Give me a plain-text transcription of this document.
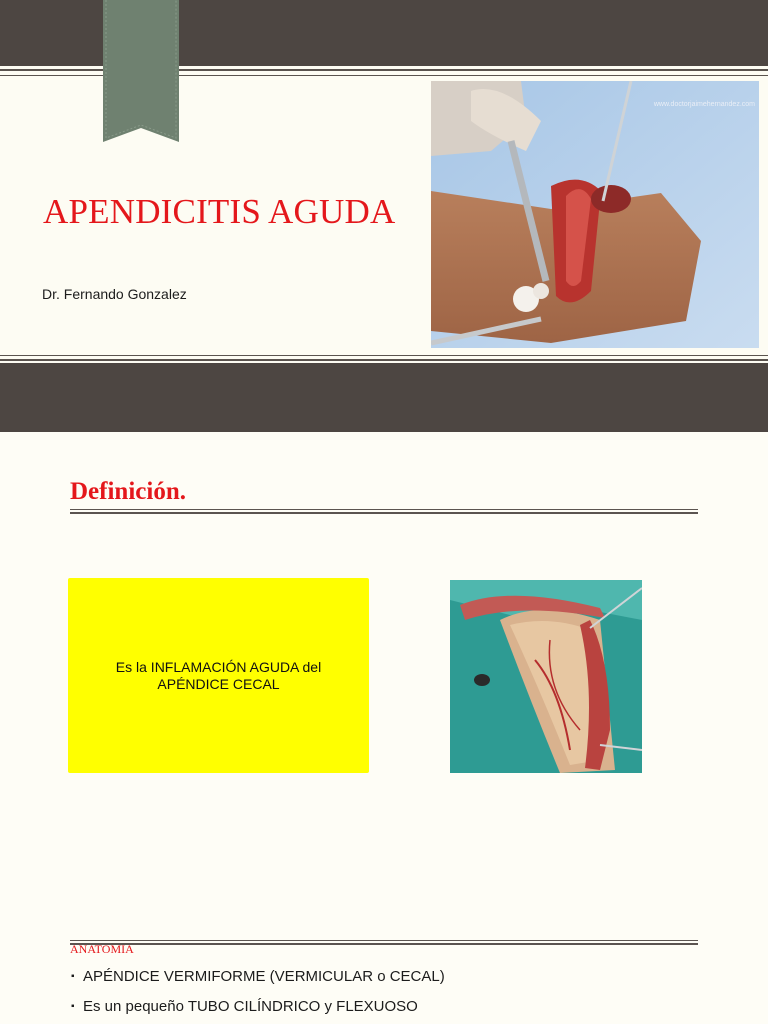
APENDICITIS AGUDA
Dr. Fernando Gonzalez
www.doctorjaimehernandez.com
Definición.
Es la INFLAMACIÓN AGUDA del APÉNDICE CECAL
ANATOMIA
▪ APÉNDICE VERMIFORME (VERMICULAR o CECAL)
▪ Es un pequeño TUBO CILÍNDRICO y FLEXUOSO
